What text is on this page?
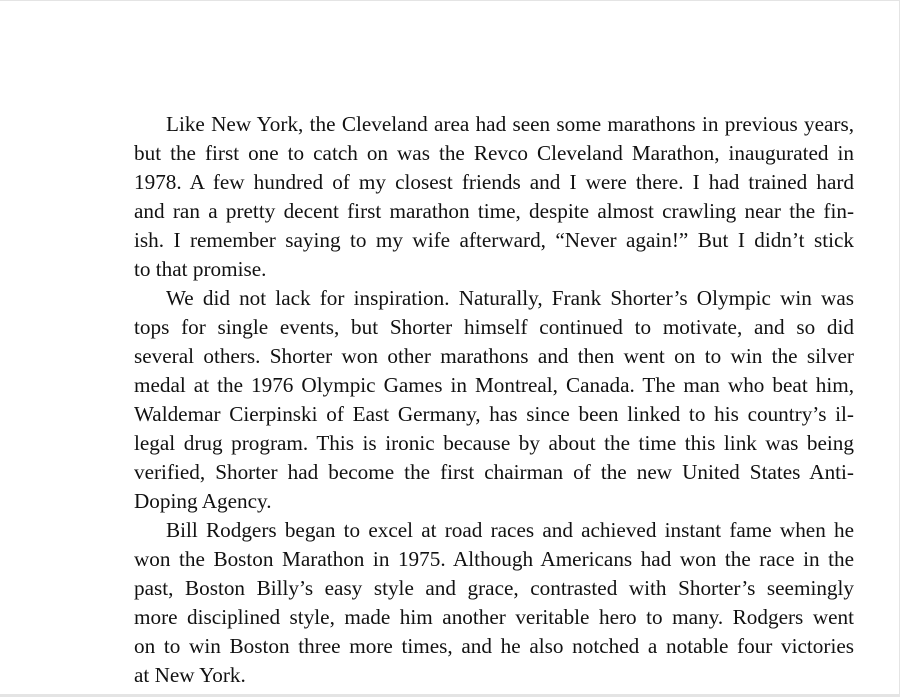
Like New York, the Cleveland area had seen some marathons in previous years,
but the first one to catch on was the Revco Cleveland Marathon, inaugurated in
1978. A few hundred of my closest friends and I were there. I had trained hard
and ran a pretty decent first marathon time, despite almost crawling near the fin-
ish. I remember saying to my wife afterward, “Never again!” But I didn’t stick
to that promise.
We did not lack for inspiration. Naturally, Frank Shorter’s Olympic win was
tops for single events, but Shorter himself continued to motivate, and so did
several others. Shorter won other marathons and then went on to win the silver
medal at the 1976 Olympic Games in Montreal, Canada. The man who beat him,
Waldemar Cierpinski of East Germany, has since been linked to his country’s il-
legal drug program. This is ironic because by about the time this link was being
verified, Shorter had become the first chairman of the new United States Anti-
Doping Agency.
Bill Rodgers began to excel at road races and achieved instant fame when he
won the Boston Marathon in 1975. Although Americans had won the race in the
past, Boston Billy’s easy style and grace, contrasted with Shorter’s seemingly
more disciplined style, made him another veritable hero to many. Rodgers went
on to win Boston three more times, and he also notched a notable four victories
at New York.
